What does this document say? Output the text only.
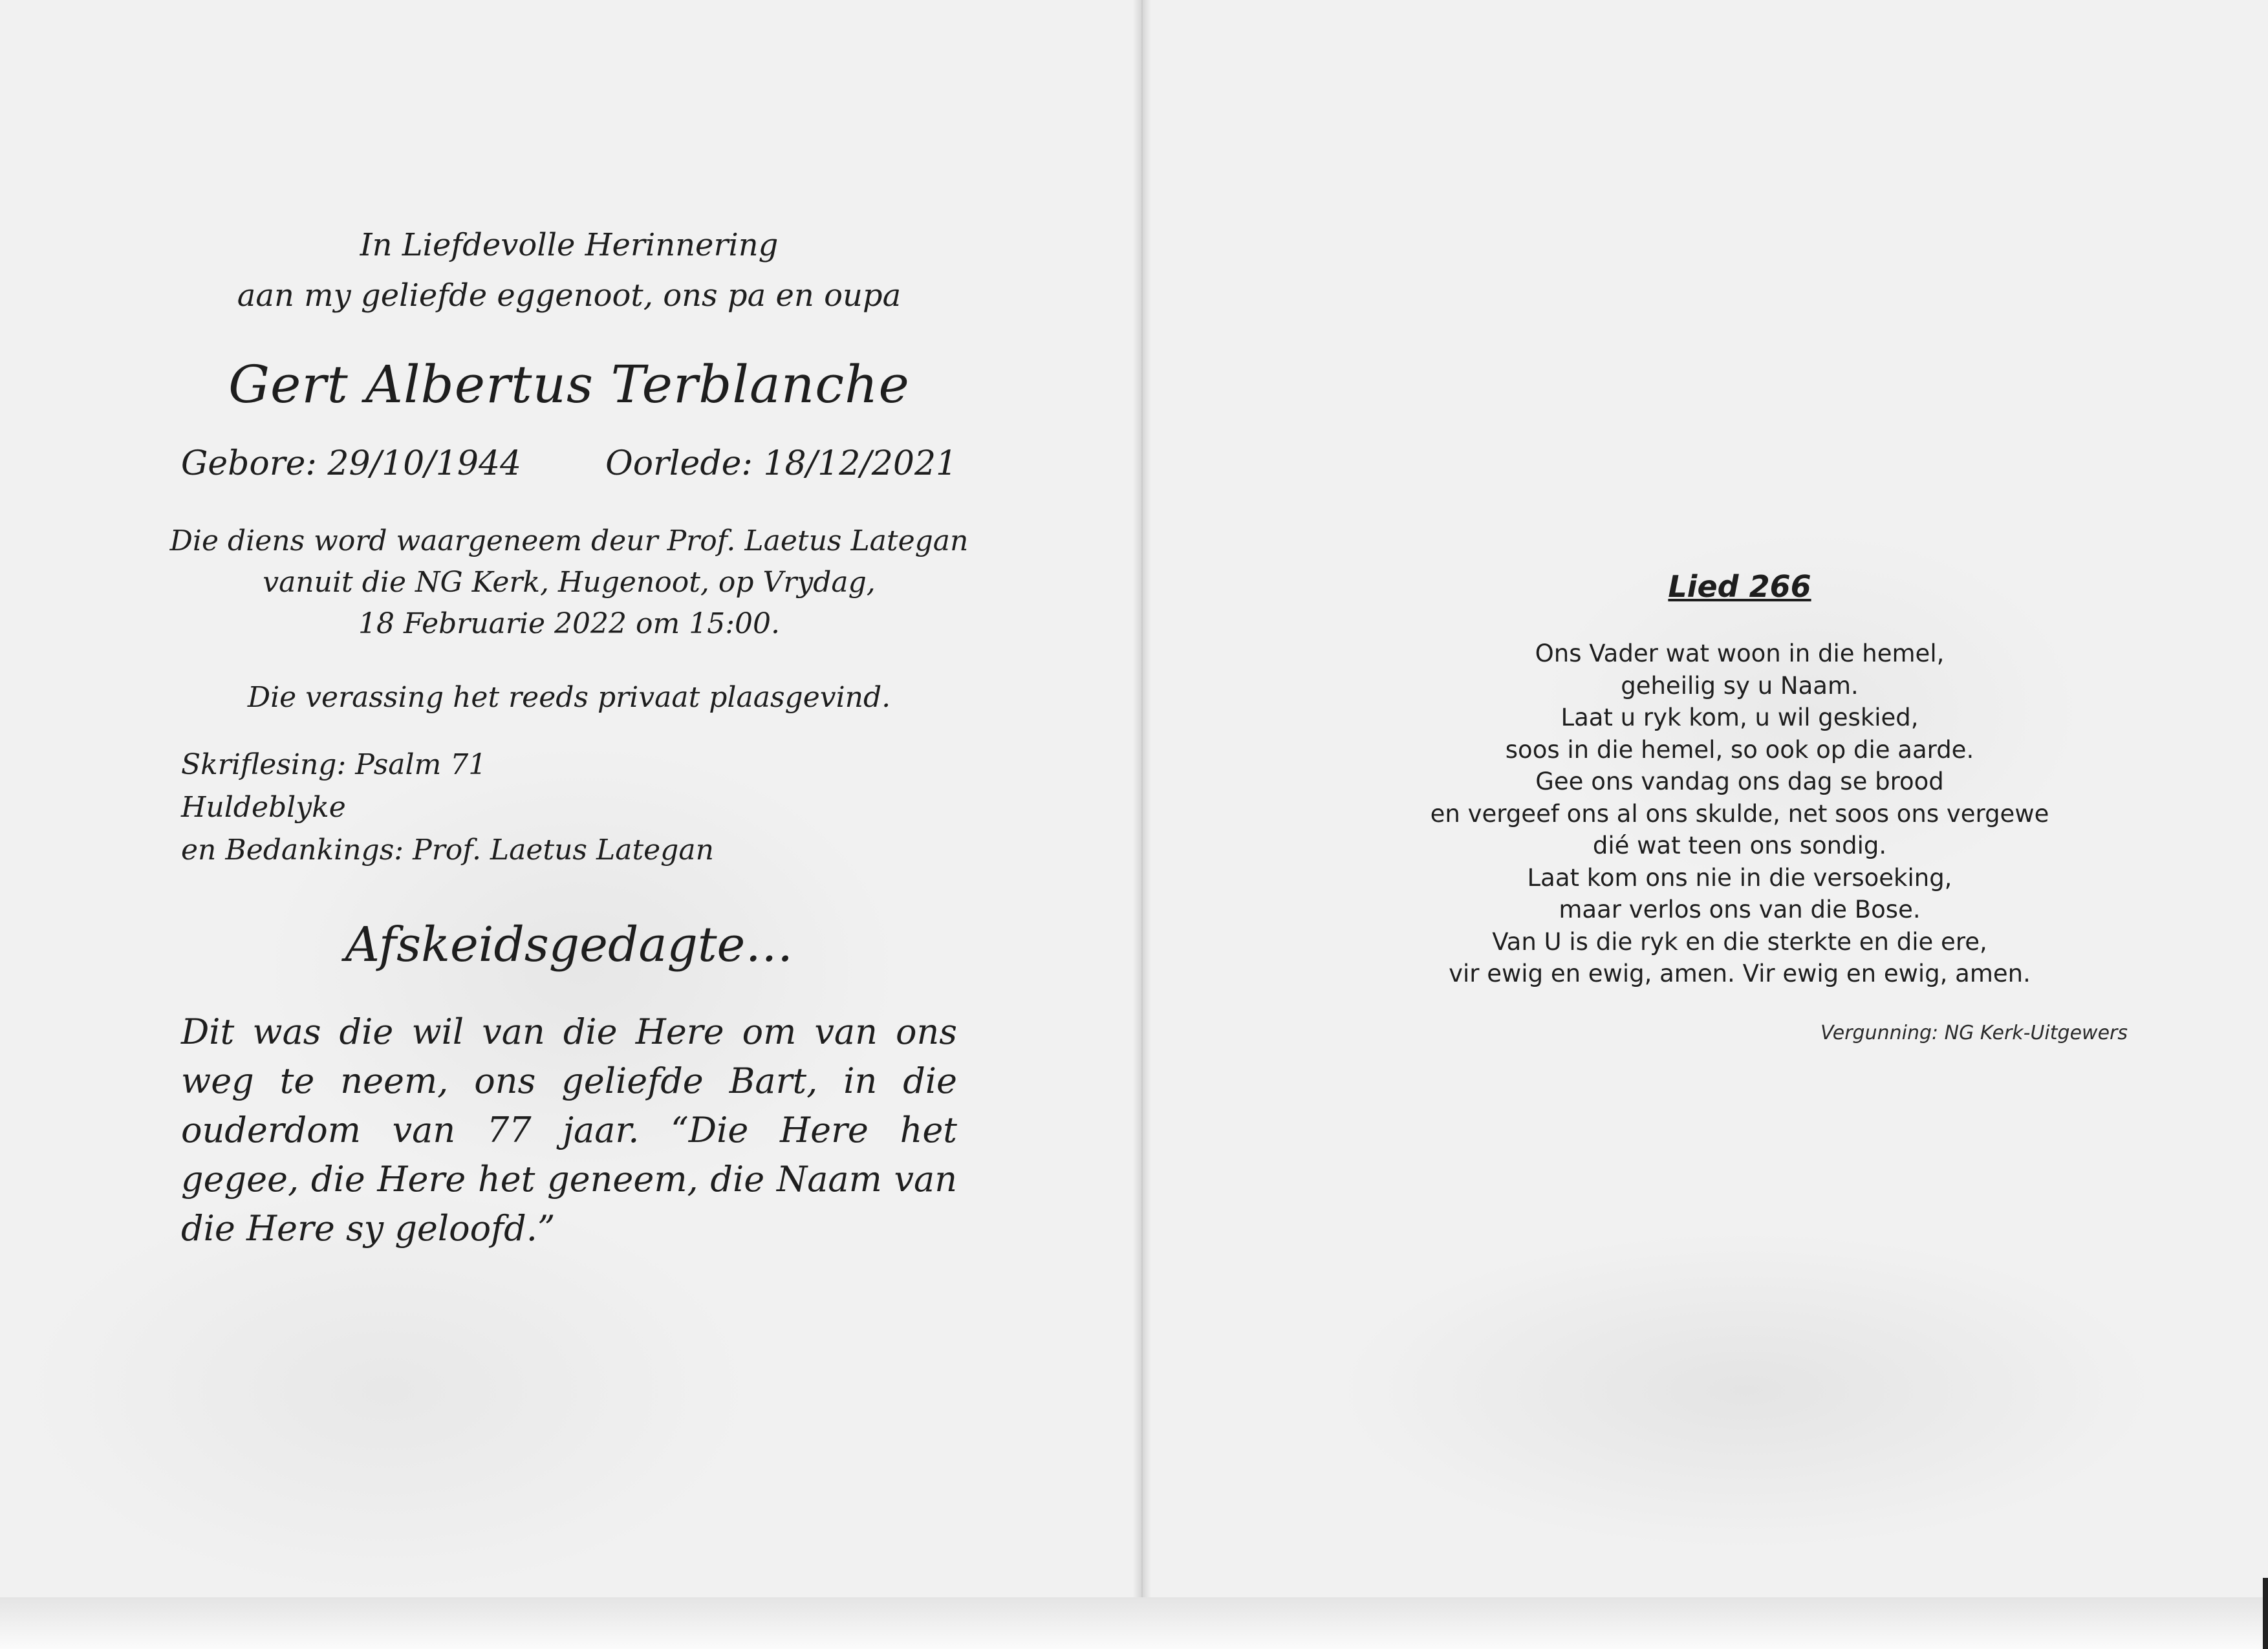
In Liefdevolle Herinnering
aan my geliefde eggenoot, ons pa en oupa
Gert Albertus Terblanche
Gebore: 29/10/1944	Oorlede: 18/12/2021
Die diens word waargeneem deur Prof. Laetus Lategan
vanuit die NG Kerk, Hugenoot, op Vrydag,
18 Februarie 2022 om 15:00.
Die verassing het reeds privaat plaasgevind.
Skriflesing: Psalm 71
Huldeblyke
en Bedankings: Prof. Laetus Lategan
Afskeidsgedagte…
Dit was die wil van die Here om van ons weg te neem, ons geliefde Bart, in die ouderdom van 77 jaar. “Die Here het gegee, die Here het geneem, die Naam van die Here sy geloofd.”
Lied 266
Ons Vader wat woon in die hemel,
geheilig sy u Naam.
Laat u ryk kom, u wil geskied,
soos in die hemel, so ook op die aarde.
Gee ons vandag ons dag se brood
en vergeef ons al ons skulde, net soos ons vergewe
dié wat teen ons sondig.
Laat kom ons nie in die versoeking,
maar verlos ons van die Bose.
Van U is die ryk en die sterkte en die ere,
vir ewig en ewig, amen. Vir ewig en ewig, amen.
Vergunning: NG Kerk-Uitgewers
